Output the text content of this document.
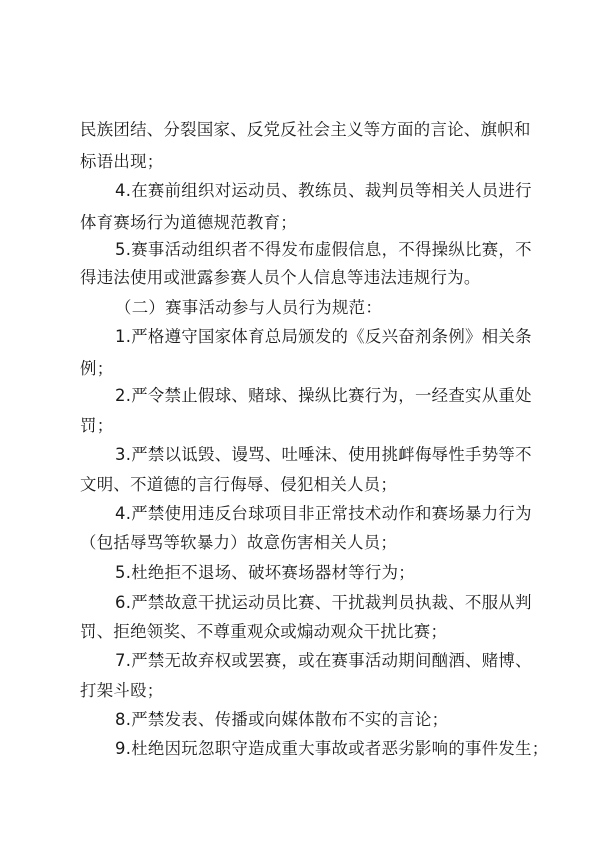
民族团结、分裂国家、反党反社会主义等方面的言论、旗帜和
标语出现；
4.在赛前组织对运动员、教练员、裁判员等相关人员进行
体育赛场行为道德规范教育；
5.赛事活动组织者不得发布虚假信息，不得操纵比赛，不
得违法使用或泄露参赛人员个人信息等违法违规行为。
（二）赛事活动参与人员行为规范：
1.严格遵守国家体育总局颁发的《反兴奋剂条例》相关条
例；
2.严令禁止假球、赌球、操纵比赛行为，一经查实从重处
罚；
3.严禁以诋毁、谩骂、吐唾沫、使用挑衅侮辱性手势等不
文明、不道德的言行侮辱、侵犯相关人员；
4.严禁使用违反台球项目非正常技术动作和赛场暴力行为
（包括辱骂等软暴力）故意伤害相关人员；
5.杜绝拒不退场、破坏赛场器材等行为；
6.严禁故意干扰运动员比赛、干扰裁判员执裁、不服从判
罚、拒绝领奖、不尊重观众或煽动观众干扰比赛；
7.严禁无故弃权或罢赛，或在赛事活动期间酗酒、赌博、
打架斗殴；
8.严禁发表、传播或向媒体散布不实的言论；
9.杜绝因玩忽职守造成重大事故或者恶劣影响的事件发生；
